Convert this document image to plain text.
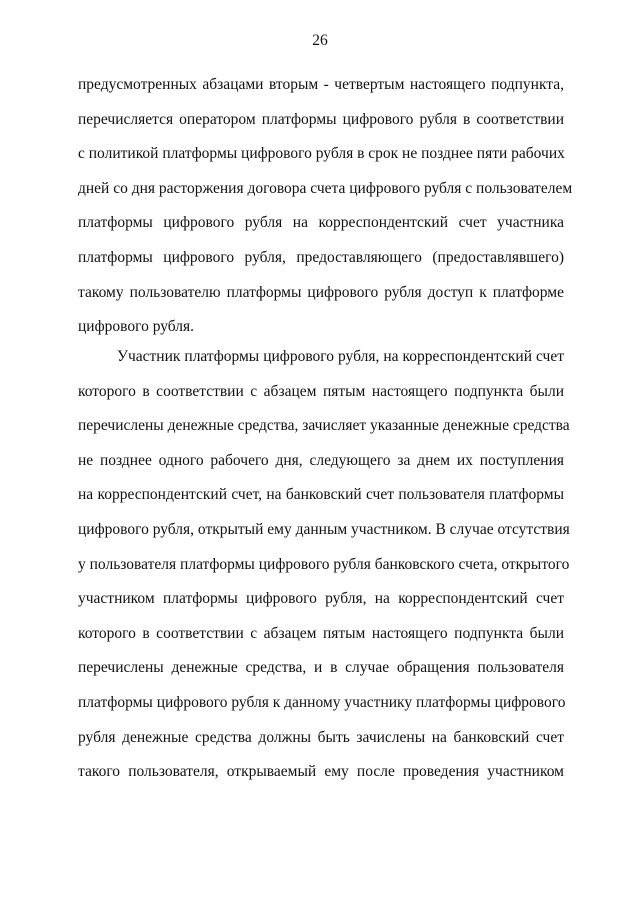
26
предусмотренных абзацами вторым - четвертым настоящего подпункта,
перечисляется оператором платформы цифрового рубля в соответствии
с политикой платформы цифрового рубля в срок не позднее пяти рабочих
дней со дня расторжения договора счета цифрового рубля с пользователем
платформы цифрового рубля на корреспондентский счет участника
платформы цифрового рубля, предоставляющего (предоставлявшего)
такому пользователю платформы цифрового рубля доступ к платформе
цифрового рубля.
Участник платформы цифрового рубля, на корреспондентский счет
которого в соответствии с абзацем пятым настоящего подпункта были
перечислены денежные средства, зачисляет указанные денежные средства
не позднее одного рабочего дня, следующего за днем их поступления
на корреспондентский счет, на банковский счет пользователя платформы
цифрового рубля, открытый ему данным участником. В случае отсутствия
у пользователя платформы цифрового рубля банковского счета, открытого
участником платформы цифрового рубля, на корреспондентский счет
которого в соответствии с абзацем пятым настоящего подпункта были
перечислены денежные средства, и в случае обращения пользователя
платформы цифрового рубля к данному участнику платформы цифрового
рубля денежные средства должны быть зачислены на банковский счет
такого пользователя, открываемый ему после проведения участником
